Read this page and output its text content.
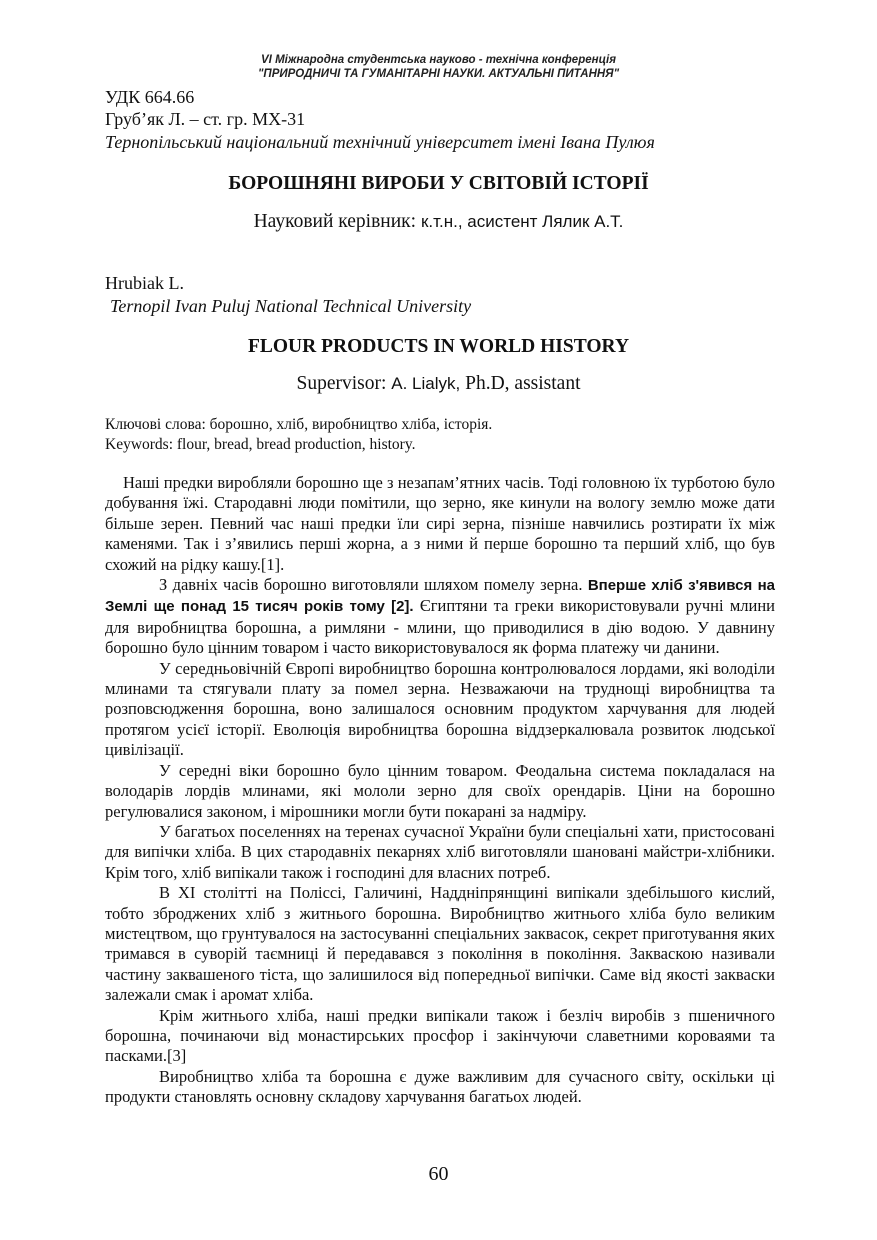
VI Міжнародна студентська науково - технічна конференція
"ПРИРОДНИЧІ ТА ГУМАНІТАРНІ НАУКИ. АКТУАЛЬНІ ПИТАННЯ"
УДК 664.66
Груб’як Л. – ст. гр. МХ-31
Тернопільський національний технічний університет імені Івана Пулюя
БОРОШНЯНІ ВИРОБИ У СВІТОВІЙ ІСТОРІЇ
Науковий керівник: к.т.н., асистент Лялик А.Т.
Hrubiak L.
Ternopil Ivan Puluj National Technical University
FLOUR PRODUCTS IN WORLD HISTORY
Supervisor: A. Lialyk, Ph.D, assistant
Ключові слова: борошно, хліб, виробництво хліба, історія.
Keywords: flour, bread, bread production, history.

Наші предки виробляли борошно ще з незапам’ятних часів. Тоді головною їх турботою було добування їжі. Стародавні люди помітили, що зерно, яке кинули на вологу землю може дати більше зерен. Певний час наші предки їли сирі зерна, пізніше навчились розтирати їх між каменями. Так і з’явились перші жорна, а з ними й перше борошно та перший хліб, що був схожий на рідку кашу.[1].

З давніх часів борошно виготовляли шляхом помелу зерна. Вперше хліб з'явився на Землі ще понад 15 тисяч років тому [2]. Єгиптяни та греки використовували ручні млини для виробництва борошна, а римляни - млини, що приводилися в дію водою. У давнину борошно було цінним товаром і часто використовувалося як форма платежу чи данини.

У середньовічній Європі виробництво борошна контролювалося лордами, які володіли млинами та стягували плату за помел зерна. Незважаючи на труднощі виробництва та розповсюдження борошна, воно залишалося основним продуктом харчування для людей протягом усієї історії. Еволюція виробництва борошна віддзеркалювала розвиток людської цивілізації.

У середні віки борошно було цінним товаром. Феодальна система покладалася на володарів лордів млинами, які мололи зерно для своїх орендарів. Ціни на борошно регулювалися законом, і мірошники могли бути покарані за надміру.

У багатьох поселеннях на теренах сучасної України були спеціальні хати, пристосовані для випічки хліба. В цих стародавніх пекарнях хліб виготовляли шановані майстри-хлібники. Крім того, хліб випікали також і господині для власних потреб.

В XI столітті на Поліссі, Галичині, Наддніпрянщині випікали здебільшого кислий, тобто зброджених хліб з житнього борошна. Виробництво житнього хліба було великим мистецтвом, що грунтувалося на застосуванні спеціальних заквасок, секрет приготування яких тримався в суворій таємниці й передавався з покоління в покоління. Закваскою називали частину заквашеного тіста, що залишилося від попередньої випічки. Саме від якості закваски залежали смак і аромат хліба.

Крім житнього хліба, наші предки випікали також і безліч виробів з пшеничного борошна, починаючи від монастирських просфор і закінчуючи славетними короваями та пасками.[3]

Виробництво хліба та борошна є дуже важливим для сучасного світу, оскільки ці продукти становлять основну складову харчування багатьох людей.

60
